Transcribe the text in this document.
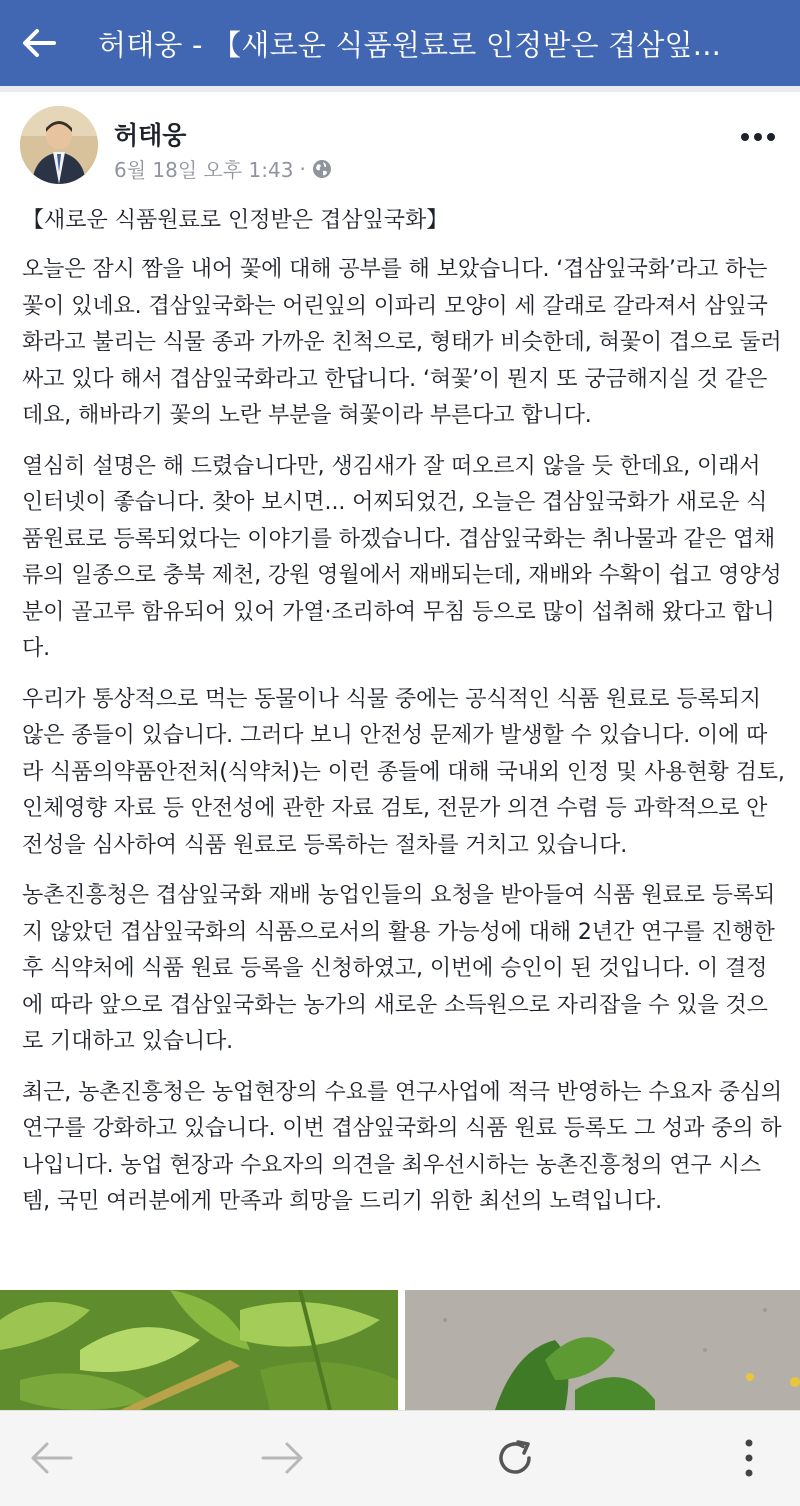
허태웅 - 【새로운 식품원료로 인정받은 겹삼잎...
허태웅
6월 18일 오후 1:43 ·

【새로운 식품원료로 인정받은 겹삼잎국화】

오늘은 잠시 짬을 내어 꽃에 대해 공부를 해 보았습니다. ‘겹삼잎국화’라고 하는 꽃이 있네요. 겹삼잎국화는 어린잎의 이파리 모양이 세 갈래로 갈라져서 삼잎국화라고 불리는 식물 종과 가까운 친척으로, 형태가 비슷한데, 혀꽃이 겹으로 둘러싸고 있다 해서 겹삼잎국화라고 한답니다. ‘혀꽃’이 뭔지 또 궁금해지실 것 같은데요, 해바라기 꽃의 노란 부분을 혀꽃이라 부른다고 합니다.

열심히 설명은 해 드렸습니다만, 생김새가 잘 떠오르지 않을 듯 한데요, 이래서 인터넷이 좋습니다. 찾아 보시면... 어찌되었건, 오늘은 겹삼잎국화가 새로운 식품원료로 등록되었다는 이야기를 하겠습니다. 겹삼잎국화는 취나물과 같은 엽채류의 일종으로 충북 제천, 강원 영월에서 재배되는데, 재배와 수확이 쉽고 영양성분이 골고루 함유되어 있어 가열·조리하여 무침 등으로 많이 섭취해 왔다고 합니다.

우리가 통상적으로 먹는 동물이나 식물 중에는 공식적인 식품 원료로 등록되지 않은 종들이 있습니다. 그러다 보니 안전성 문제가 발생할 수 있습니다. 이에 따라 식품의약품안전처(식약처)는 이런 종들에 대해 국내외 인정 및 사용현황 검토, 인체영향 자료 등 안전성에 관한 자료 검토, 전문가 의견 수렴 등 과학적으로 안전성을 심사하여 식품 원료로 등록하는 절차를 거치고 있습니다.

농촌진흥청은 겹삼잎국화 재배 농업인들의 요청을 받아들여 식품 원료로 등록되지 않았던 겹삼잎국화의 식품으로서의 활용 가능성에 대해 2년간 연구를 진행한 후 식약처에 식품 원료 등록을 신청하였고, 이번에 승인이 된 것입니다. 이 결정에 따라 앞으로 겹삼잎국화는 농가의 새로운 소득원으로 자리잡을 수 있을 것으로 기대하고 있습니다.

최근, 농촌진흥청은 농업현장의 수요를 연구사업에 적극 반영하는 수요자 중심의 연구를 강화하고 있습니다. 이번 겹삼잎국화의 식품 원료 등록도 그 성과 중의 하나입니다. 농업 현장과 수요자의 의견을 최우선시하는 농촌진흥청의 연구 시스템, 국민 여러분에게 만족과 희망을 드리기 위한 최선의 노력입니다.
